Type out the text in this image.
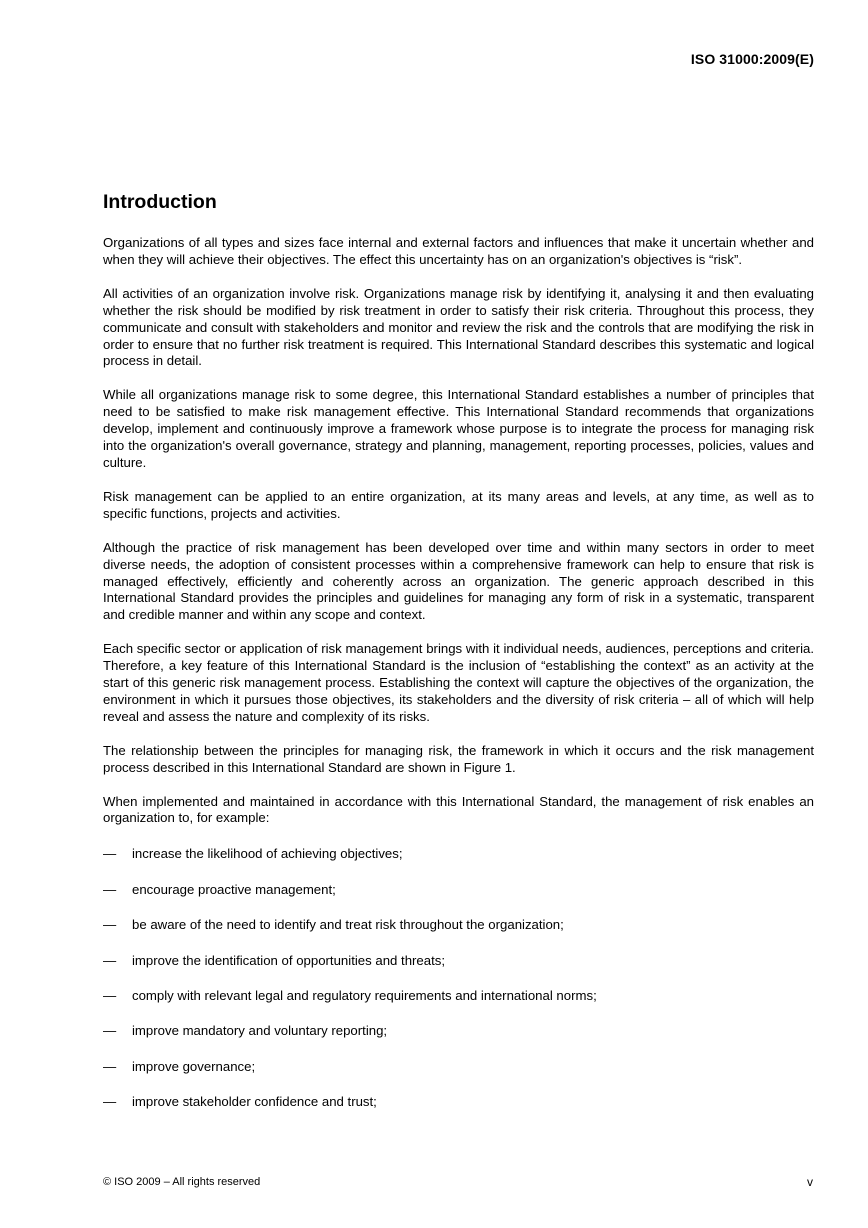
ISO 31000:2009(E)
Introduction

Organizations of all types and sizes face internal and external factors and influences that make it uncertain whether and when they will achieve their objectives. The effect this uncertainty has on an organization's objectives is “risk”.

All activities of an organization involve risk. Organizations manage risk by identifying it, analysing it and then evaluating whether the risk should be modified by risk treatment in order to satisfy their risk criteria. Throughout this process, they communicate and consult with stakeholders and monitor and review the risk and the controls that are modifying the risk in order to ensure that no further risk treatment is required. This International Standard describes this systematic and logical process in detail.

While all organizations manage risk to some degree, this International Standard establishes a number of principles that need to be satisfied to make risk management effective. This International Standard recommends that organizations develop, implement and continuously improve a framework whose purpose is to integrate the process for managing risk into the organization's overall governance, strategy and planning, management, reporting processes, policies, values and culture.

Risk management can be applied to an entire organization, at its many areas and levels, at any time, as well as to specific functions, projects and activities.

Although the practice of risk management has been developed over time and within many sectors in order to meet diverse needs, the adoption of consistent processes within a comprehensive framework can help to ensure that risk is managed effectively, efficiently and coherently across an organization. The generic approach described in this International Standard provides the principles and guidelines for managing any form of risk in a systematic, transparent and credible manner and within any scope and context.

Each specific sector or application of risk management brings with it individual needs, audiences, perceptions and criteria. Therefore, a key feature of this International Standard is the inclusion of “establishing the context” as an activity at the start of this generic risk management process. Establishing the context will capture the objectives of the organization, the environment in which it pursues those objectives, its stakeholders and the diversity of risk criteria – all of which will help reveal and assess the nature and complexity of its risks.

The relationship between the principles for managing risk, the framework in which it occurs and the risk management process described in this International Standard are shown in Figure 1.

When implemented and maintained in accordance with this International Standard, the management of risk enables an organization to, for example:

—	increase the likelihood of achieving objectives;
—	encourage proactive management;
—	be aware of the need to identify and treat risk throughout the organization;
—	improve the identification of opportunities and threats;
—	comply with relevant legal and regulatory requirements and international norms;
—	improve mandatory and voluntary reporting;
—	improve governance;
—	improve stakeholder confidence and trust;
© ISO 2009 – All rights reserved	v
